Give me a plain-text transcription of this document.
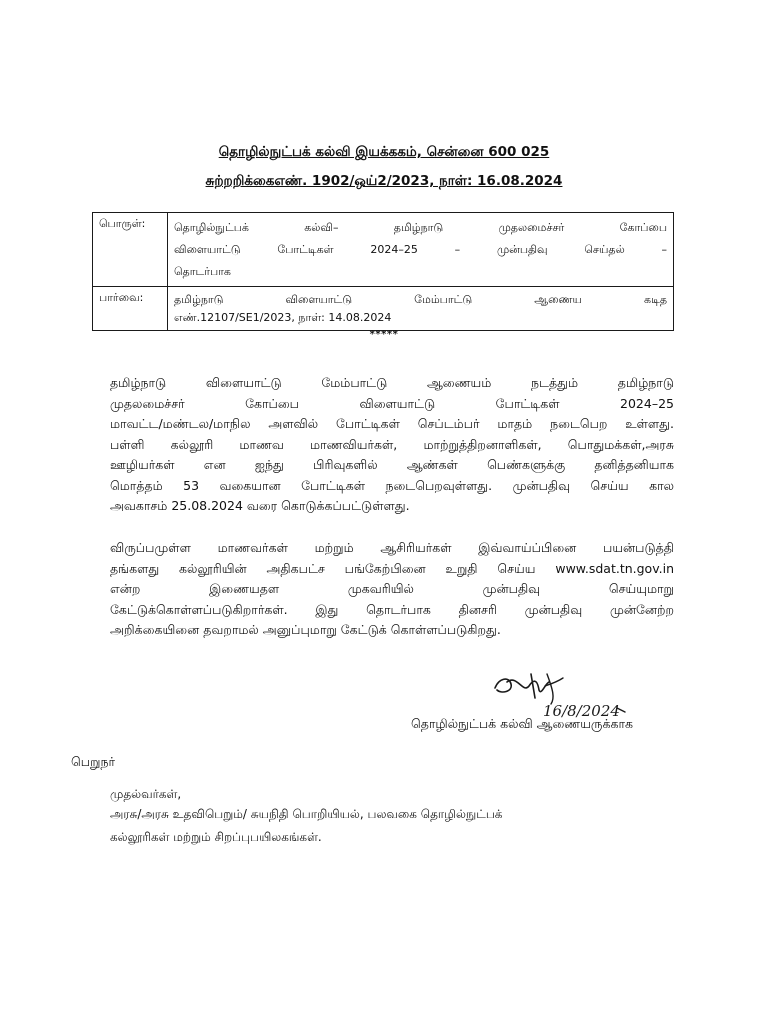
தொழில்நுட்பக் கல்வி இயக்ககம், சென்னை 600 025
சுற்றறிக்கைஎண். 1902/ஒய்2/2023, நாள்: 16.08.2024
பொருள்:	தொழில்நுட்பக் கல்வி– தமிழ்நாடு முதலமைச்சர் கோப்பை
விளையாட்டு போட்டிகள் 2024–25 – முன்பதிவு செய்தல் –
தொடர்பாக
பார்வை:	தமிழ்நாடு விளையாட்டு மேம்பாட்டு ஆணைய கடித
எண்.12107/SE1/2023, நாள்: 14.08.2024
*****
தமிழ்நாடு விளையாட்டு மேம்பாட்டு ஆணையம் நடத்தும் தமிழ்நாடு
முதலமைச்சர் கோப்பை விளையாட்டு போட்டிகள் 2024–25
மாவட்ட/மண்டல/மாநில அளவில் போட்டிகள் செப்டம்பர் மாதம் நடைபெற உள்ளது.
பள்ளி கல்லூரி மாணவ மாணவியர்கள், மாற்றுத்திறனாளிகள், பொதுமக்கள்,அரசு
ஊழியர்கள் என ஐந்து பிரிவுகளில் ஆண்கள் பெண்களுக்கு தனித்தனியாக
மொத்தம் 53 வகையான போட்டிகள் நடைபெறவுள்ளது. முன்பதிவு செய்ய கால
அவகாசம் 25.08.2024 வரை கொடுக்கப்பட்டுள்ளது.
விருப்பமுள்ள மாணவர்கள் மற்றும் ஆசிரியர்கள் இவ்வாய்ப்பினை பயன்படுத்தி
தங்களது கல்லூரியின் அதிகபட்ச பங்கேற்பினை உறுதி செய்ய www.sdat.tn.gov.in
என்ற இணையதள முகவரியில் முன்பதிவு செய்யுமாறு
கேட்டுக்கொள்ளப்படுகிறார்கள். இது தொடர்பாக தினசரி முன்பதிவு முன்னேற்ற
அறிக்கையினை தவறாமல் அனுப்புமாறு கேட்டுக் கொள்ளப்படுகிறது.
16/8/2024
தொழில்நுட்பக் கல்வி ஆணையருக்காக
பெறுநர்
முதல்வர்கள்,
அரசு/அரசு உதவிபெறும்/ சுயநிதி பொறியியல், பலவகை தொழில்நுட்பக்
கல்லூரிகள் மற்றும் சிறப்புபயிலகங்கள்.
